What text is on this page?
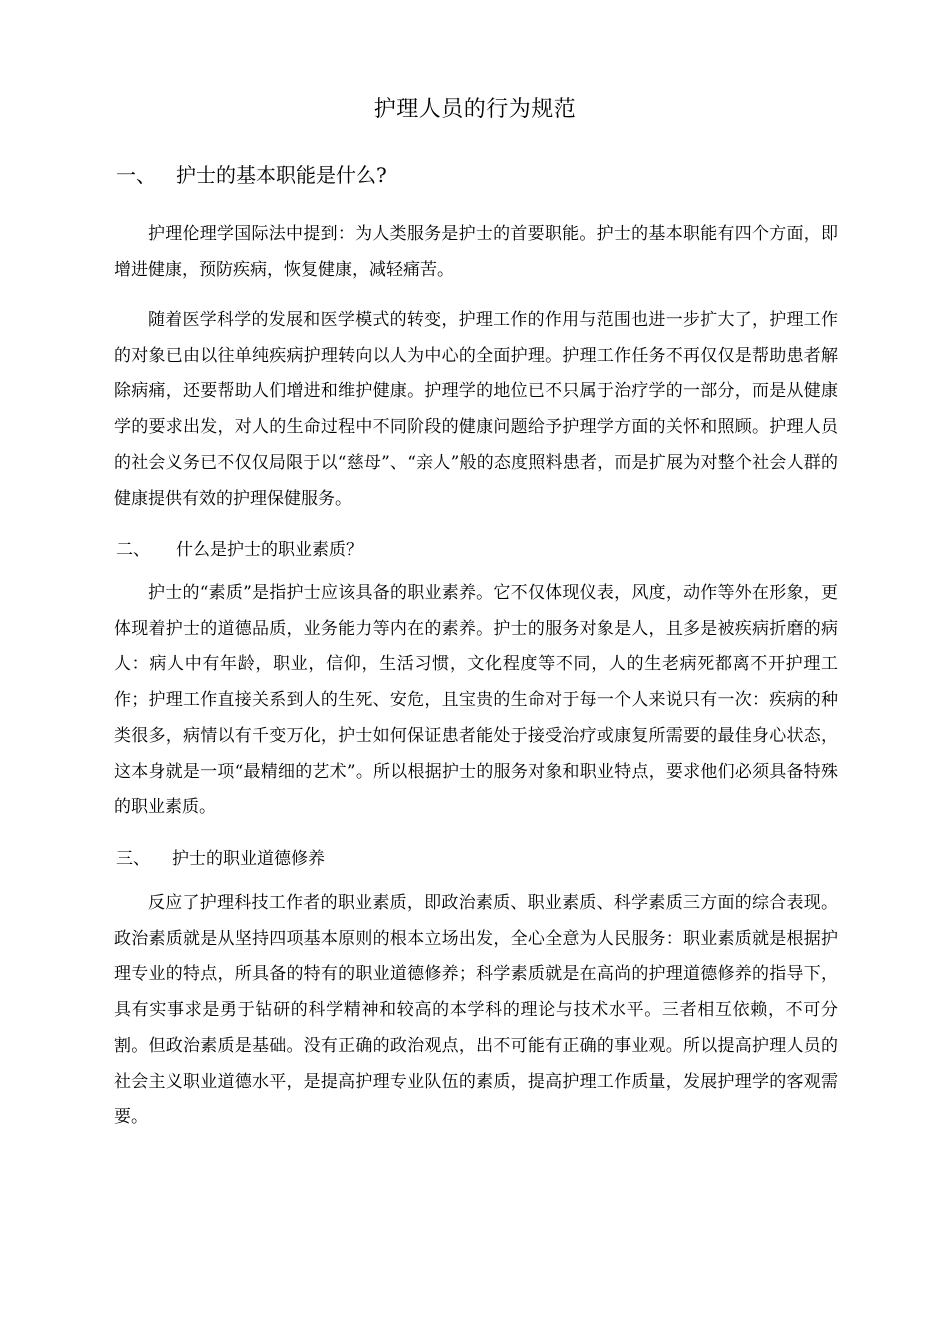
护理人员的行为规范
一、 护士的基本职能是什么?

护理伦理学国际法中提到：为人类服务是护士的首要职能。护士的基本职能有四个方面，即增进健康，预防疾病，恢复健康，减轻痛苦。

随着医学科学的发展和医学模式的转变，护理工作的作用与范围也进一步扩大了，护理工作的对象已由以往单纯疾病护理转向以人为中心的全面护理。护理工作任务不再仅仅是帮助患者解除病痛，还要帮助人们增进和维护健康。护理学的地位已不只属于治疗学的一部分，而是从健康学的要求出发，对人的生命过程中不同阶段的健康问题给予护理学方面的关怀和照顾。护理人员的社会义务已不仅仅局限于以“慈母”、“亲人”般的态度照料患者，而是扩展为对整个社会人群的健康提供有效的护理保健服务。

二、 什么是护士的职业素质？

护士的“素质”是指护士应该具备的职业素养。它不仅体现仪表，风度，动作等外在形象，更体现着护士的道德品质，业务能力等内在的素养。护士的服务对象是人，且多是被疾病折磨的病人：病人中有年龄，职业，信仰，生活习惯，文化程度等不同，人的生老病死都离不开护理工作；护理工作直接关系到人的生死、安危，且宝贵的生命对于每一个人来说只有一次：疾病的种类很多，病情以有千变万化，护士如何保证患者能处于接受治疗或康复所需要的最佳身心状态，这本身就是一项“最精细的艺术”。所以根据护士的服务对象和职业特点，要求他们必须具备特殊的职业素质。

三、 护士的职业道德修养

反应了护理科技工作者的职业素质，即政治素质、职业素质、科学素质三方面的综合表现。政治素质就是从坚持四项基本原则的根本立场出发，全心全意为人民服务：职业素质就是根据护理专业的特点，所具备的特有的职业道德修养；科学素质就是在高尚的护理道德修养的指导下，具有实事求是勇于钻研的科学精神和较高的本学科的理论与技术水平。三者相互依赖，不可分割。但政治素质是基础。没有正确的政治观点，出不可能有正确的事业观。所以提高护理人员的社会主义职业道德水平，是提高护理专业队伍的素质，提高护理工作质量，发展护理学的客观需要。
